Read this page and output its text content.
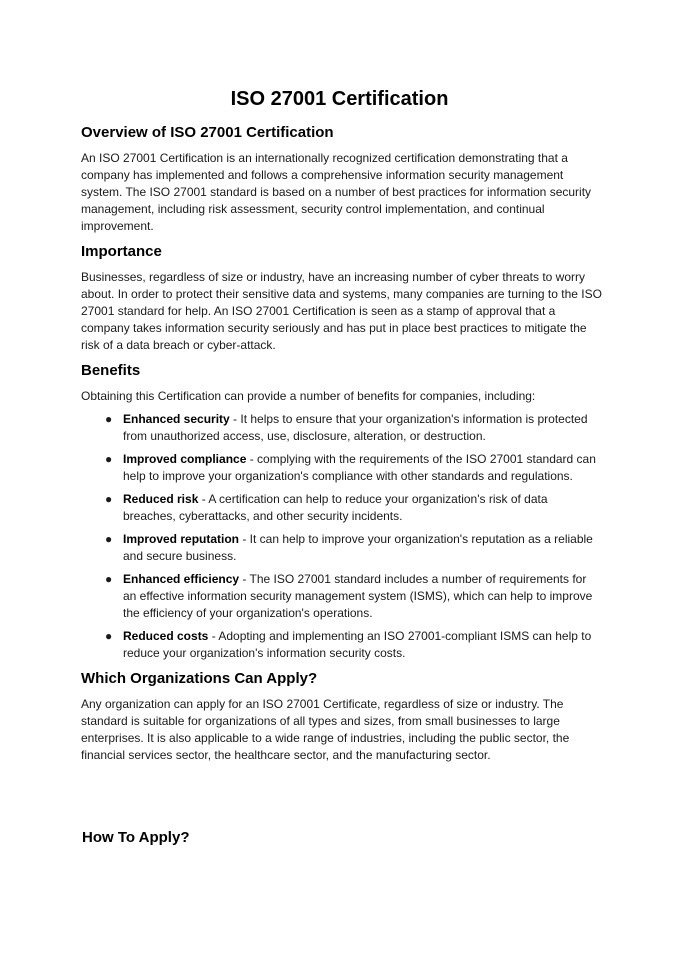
ISO 27001 Certification
Overview of ISO 27001 Certification

An ISO 27001 Certification is an internationally recognized certification demonstrating that a company has implemented and follows a comprehensive information security management system. The ISO 27001 standard is based on a number of best practices for information security management, including risk assessment, security control implementation, and continual improvement.

Importance

Businesses, regardless of size or industry, have an increasing number of cyber threats to worry about. In order to protect their sensitive data and systems, many companies are turning to the ISO 27001 standard for help. An ISO 27001 Certification is seen as a stamp of approval that a company takes information security seriously and has put in place best practices to mitigate the risk of a data breach or cyber-attack.

Benefits

Obtaining this Certification can provide a number of benefits for companies, including:

● Enhanced security - It helps to ensure that your organization's information is protected from unauthorized access, use, disclosure, alteration, or destruction.
● Improved compliance - complying with the requirements of the ISO 27001 standard can help to improve your organization's compliance with other standards and regulations.
● Reduced risk - A certification can help to reduce your organization's risk of data breaches, cyberattacks, and other security incidents.
● Improved reputation - It can help to improve your organization's reputation as a reliable and secure business.
● Enhanced efficiency - The ISO 27001 standard includes a number of requirements for an effective information security management system (ISMS), which can help to improve the efficiency of your organization's operations.
● Reduced costs - Adopting and implementing an ISO 27001-compliant ISMS can help to reduce your organization's information security costs.
Which Organizations Can Apply?

Any organization can apply for an ISO 27001 Certificate, regardless of size or industry. The standard is suitable for organizations of all types and sizes, from small businesses to large enterprises. It is also applicable to a wide range of industries, including the public sector, the financial services sector, the healthcare sector, and the manufacturing sector.

How To Apply?
